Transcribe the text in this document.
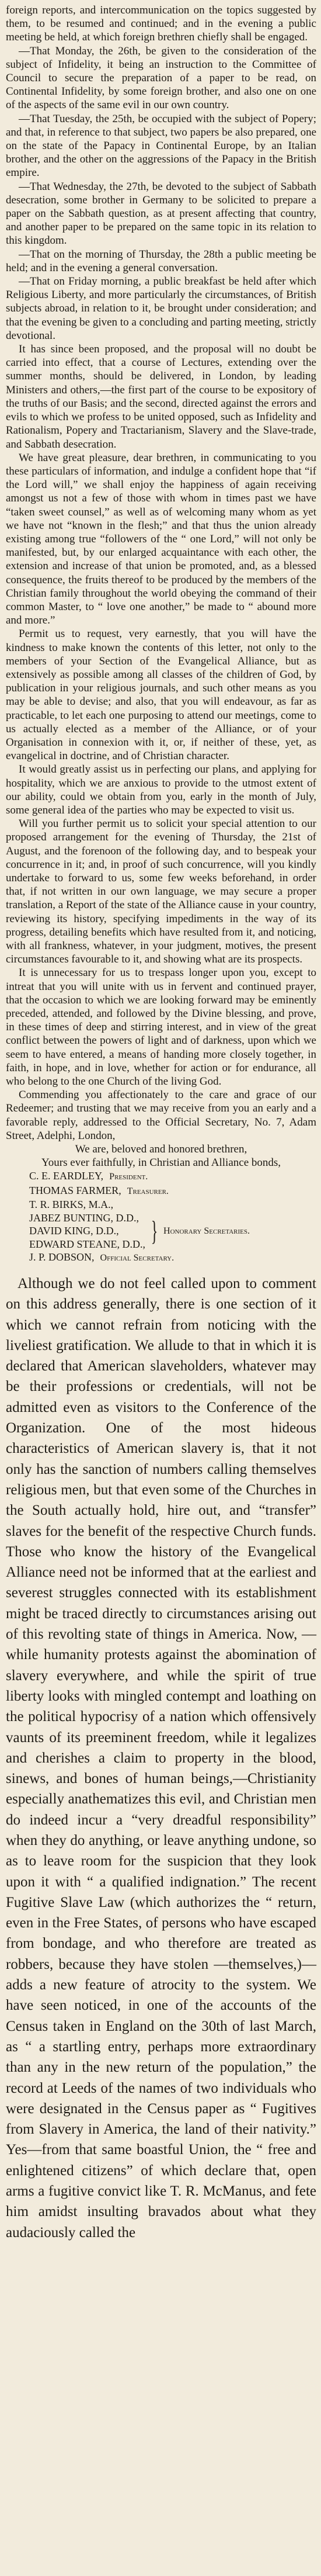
foreign reports, and intercommunication on the topics suggested by them, to be resumed and continued; and in the evening a public meeting be held, at which foreign brethren chiefly shall be engaged.

—That Monday, the 26th, be given to the consideration of the subject of Infidelity, it being an instruction to the Committee of Council to secure the preparation of a paper to be read, on Continental Infidelity, by some foreign brother, and also one on one of the aspects of the same evil in our own country.

—That Tuesday, the 25th, be occupied with the subject of Popery; and that, in reference to that subject, two papers be also prepared, one on the state of the Papacy in Continental Europe, by an Italian brother, and the other on the aggressions of the Papacy in the British empire.

—That Wednesday, the 27th, be devoted to the subject of Sabbath desecration, some brother in Germany to be solicited to prepare a paper on the Sabbath question, as at present affecting that country, and another paper to be prepared on the same topic in its relation to this kingdom.

—That on the morning of Thursday, the 28th a public meeting be held; and in the evening a general conversation.

—That on Friday morning, a public breakfast be held after which Religious Liberty, and more particularly the circumstances, of British subjects abroad, in relation to it, be brought under consideration; and that the evening be given to a concluding and parting meeting, strictly devotional.

It has since been proposed, and the proposal will no doubt be carried into effect, that a course of Lectures, extending over the summer months, should be delivered, in London, by leading Ministers and others,—the first part of the course to be expository of the truths of our Basis; and the second, directed against the errors and evils to which we profess to be united opposed, such as Infidelity and Rationalism, Popery and Tractarianism, Slavery and the Slave-trade, and Sabbath desecration.

We have great pleasure, dear brethren, in communicating to you these particulars of information, and indulge a confident hope that “if the Lord will,” we shall enjoy the happiness of again receiving amongst us not a few of those with whom in times past we have “taken sweet counsel,” as well as of welcoming many whom as yet we have not “known in the flesh;” and that thus the union already existing among true “followers of the “ one Lord,” will not only be manifested, but, by our enlarged acquaintance with each other, the extension and increase of that union be promoted, and, as a blessed consequence, the fruits thereof to be produced by the members of the Christian family throughout the world obeying the command of their common Master, to “ love one another,” be made to “ abound more and more.”

Permit us to request, very earnestly, that you will have the kindness to make known the contents of this letter, not only to the members of your Section of the Evangelical Alliance, but as extensively as possible among all classes of the children of God, by publication in your religious journals, and such other means as you may be able to devise; and also, that you will endeavour, as far as practicable, to let each one purposing to attend our meetings, come to us actually elected as a member of the Alliance, or of your Organisation in connexion with it, or, if neither of these, yet, as evangelical in doctrine, and of Christian character.

It would greatly assist us in perfecting our plans, and applying for hospitality, which we are anxious to provide to the utmost extent of our ability, could we obtain from you, early in the month of July, some general idea of the parties who may be expected to visit us.

Will you further permit us to solicit your special attention to our proposed arrangement for the evening of Thursday, the 21st of August, and the forenoon of the following day, and to bespeak your concurrence in it; and, in proof of such concurrence, will you kindly undertake to forward to us, some few weeks beforehand, in order that, if not written in our own language, we may secure a proper translation, a Report of the state of the Alliance cause in your country, reviewing its history, specifying impediments in the way of its progress, detailing benefits which have resulted from it, and noticing, with all frankness, whatever, in your judgment, motives, the present circumstances favourable to it, and showing what are its prospects.

It is unnecessary for us to trespass longer upon you, except to intreat that you will unite with us in fervent and continued prayer, that the occasion to which we are looking forward may be eminently preceded, attended, and followed by the Divine blessing, and prove, in these times of deep and stirring interest, and in view of the great conflict between the powers of light and of darkness, upon which we seem to have entered, a means of handing more closely together, in faith, in hope, and in love, whether for action or for endurance, all who belong to the one Church of the living God.

Commending you affectionately to the care and grace of our Redeemer; and trusting that we may receive from you an early and a favorable reply, addressed to the Official Secretary, No. 7, Adam Street, Adelphi, London,

We are, beloved and honored brethren,

Yours ever faithfully, in Christian and Alliance bonds,

C. E. EARDLEY, President.
THOMAS FARMER, Treasurer.
T. R. BIRKS, M.A.,
JABEZ BUNTING, D.D.,
DAVID KING, D.D.,
EDWARD STEANE, D.D., } Honorary Secretaries.
J. P. DOBSON, Official Secretary.

Although we do not feel called upon to comment on this address generally, there is one section of it which we cannot refrain from noticing with the liveliest gratification. We allude to that in which it is declared that American slaveholders, whatever may be their professions or credentials, will not be admitted even as visitors to the Conference of the Organization. One of the most hideous characteristics of American slavery is, that it not only has the sanction of numbers calling themselves religious men, but that even some of the Churches in the South actually hold, hire out, and “transfer” slaves for the benefit of the respective Church funds. Those who know the history of the Evangelical Alliance need not be informed that at the earliest and severest struggles connected with its establishment might be traced directly to circumstances arising out of this revolting state of things in America. Now, —while humanity protests against the abomination of slavery everywhere, and while the spirit of true liberty looks with mingled contempt and loathing on the political hypocrisy of a nation which offensively vaunts of its preeminent freedom, while it legalizes and cherishes a claim to property in the blood, sinews, and bones of human beings,—Christianity especially anathematizes this evil, and Christian men do indeed incur a “very dreadful responsibility” when they do anything, or leave anything undone, so as to leave room for the suspicion that they look upon it with “ a qualified indignation.” The recent Fugitive Slave Law (which authorizes the “ return, even in the Free States, of persons who have escaped from bondage, and who therefore are treated as robbers, because they have stolen —themselves,)—adds a new feature of atrocity to the system. We have seen noticed, in one of the accounts of the Census taken in England on the 30th of last March, as “ a startling entry, perhaps more extraordinary than any in the new return of the population,” the record at Leeds of the names of two individuals who were designated in the Census paper as “ Fugitives from Slavery in America, the land of their nativity.” Yes—from that same boastful Union, the “ free and enlightened citizens” of which declare that, open arms a fugitive convict like T. R. McManus, and fete him amidst insulting bravados about what they audaciously called the
